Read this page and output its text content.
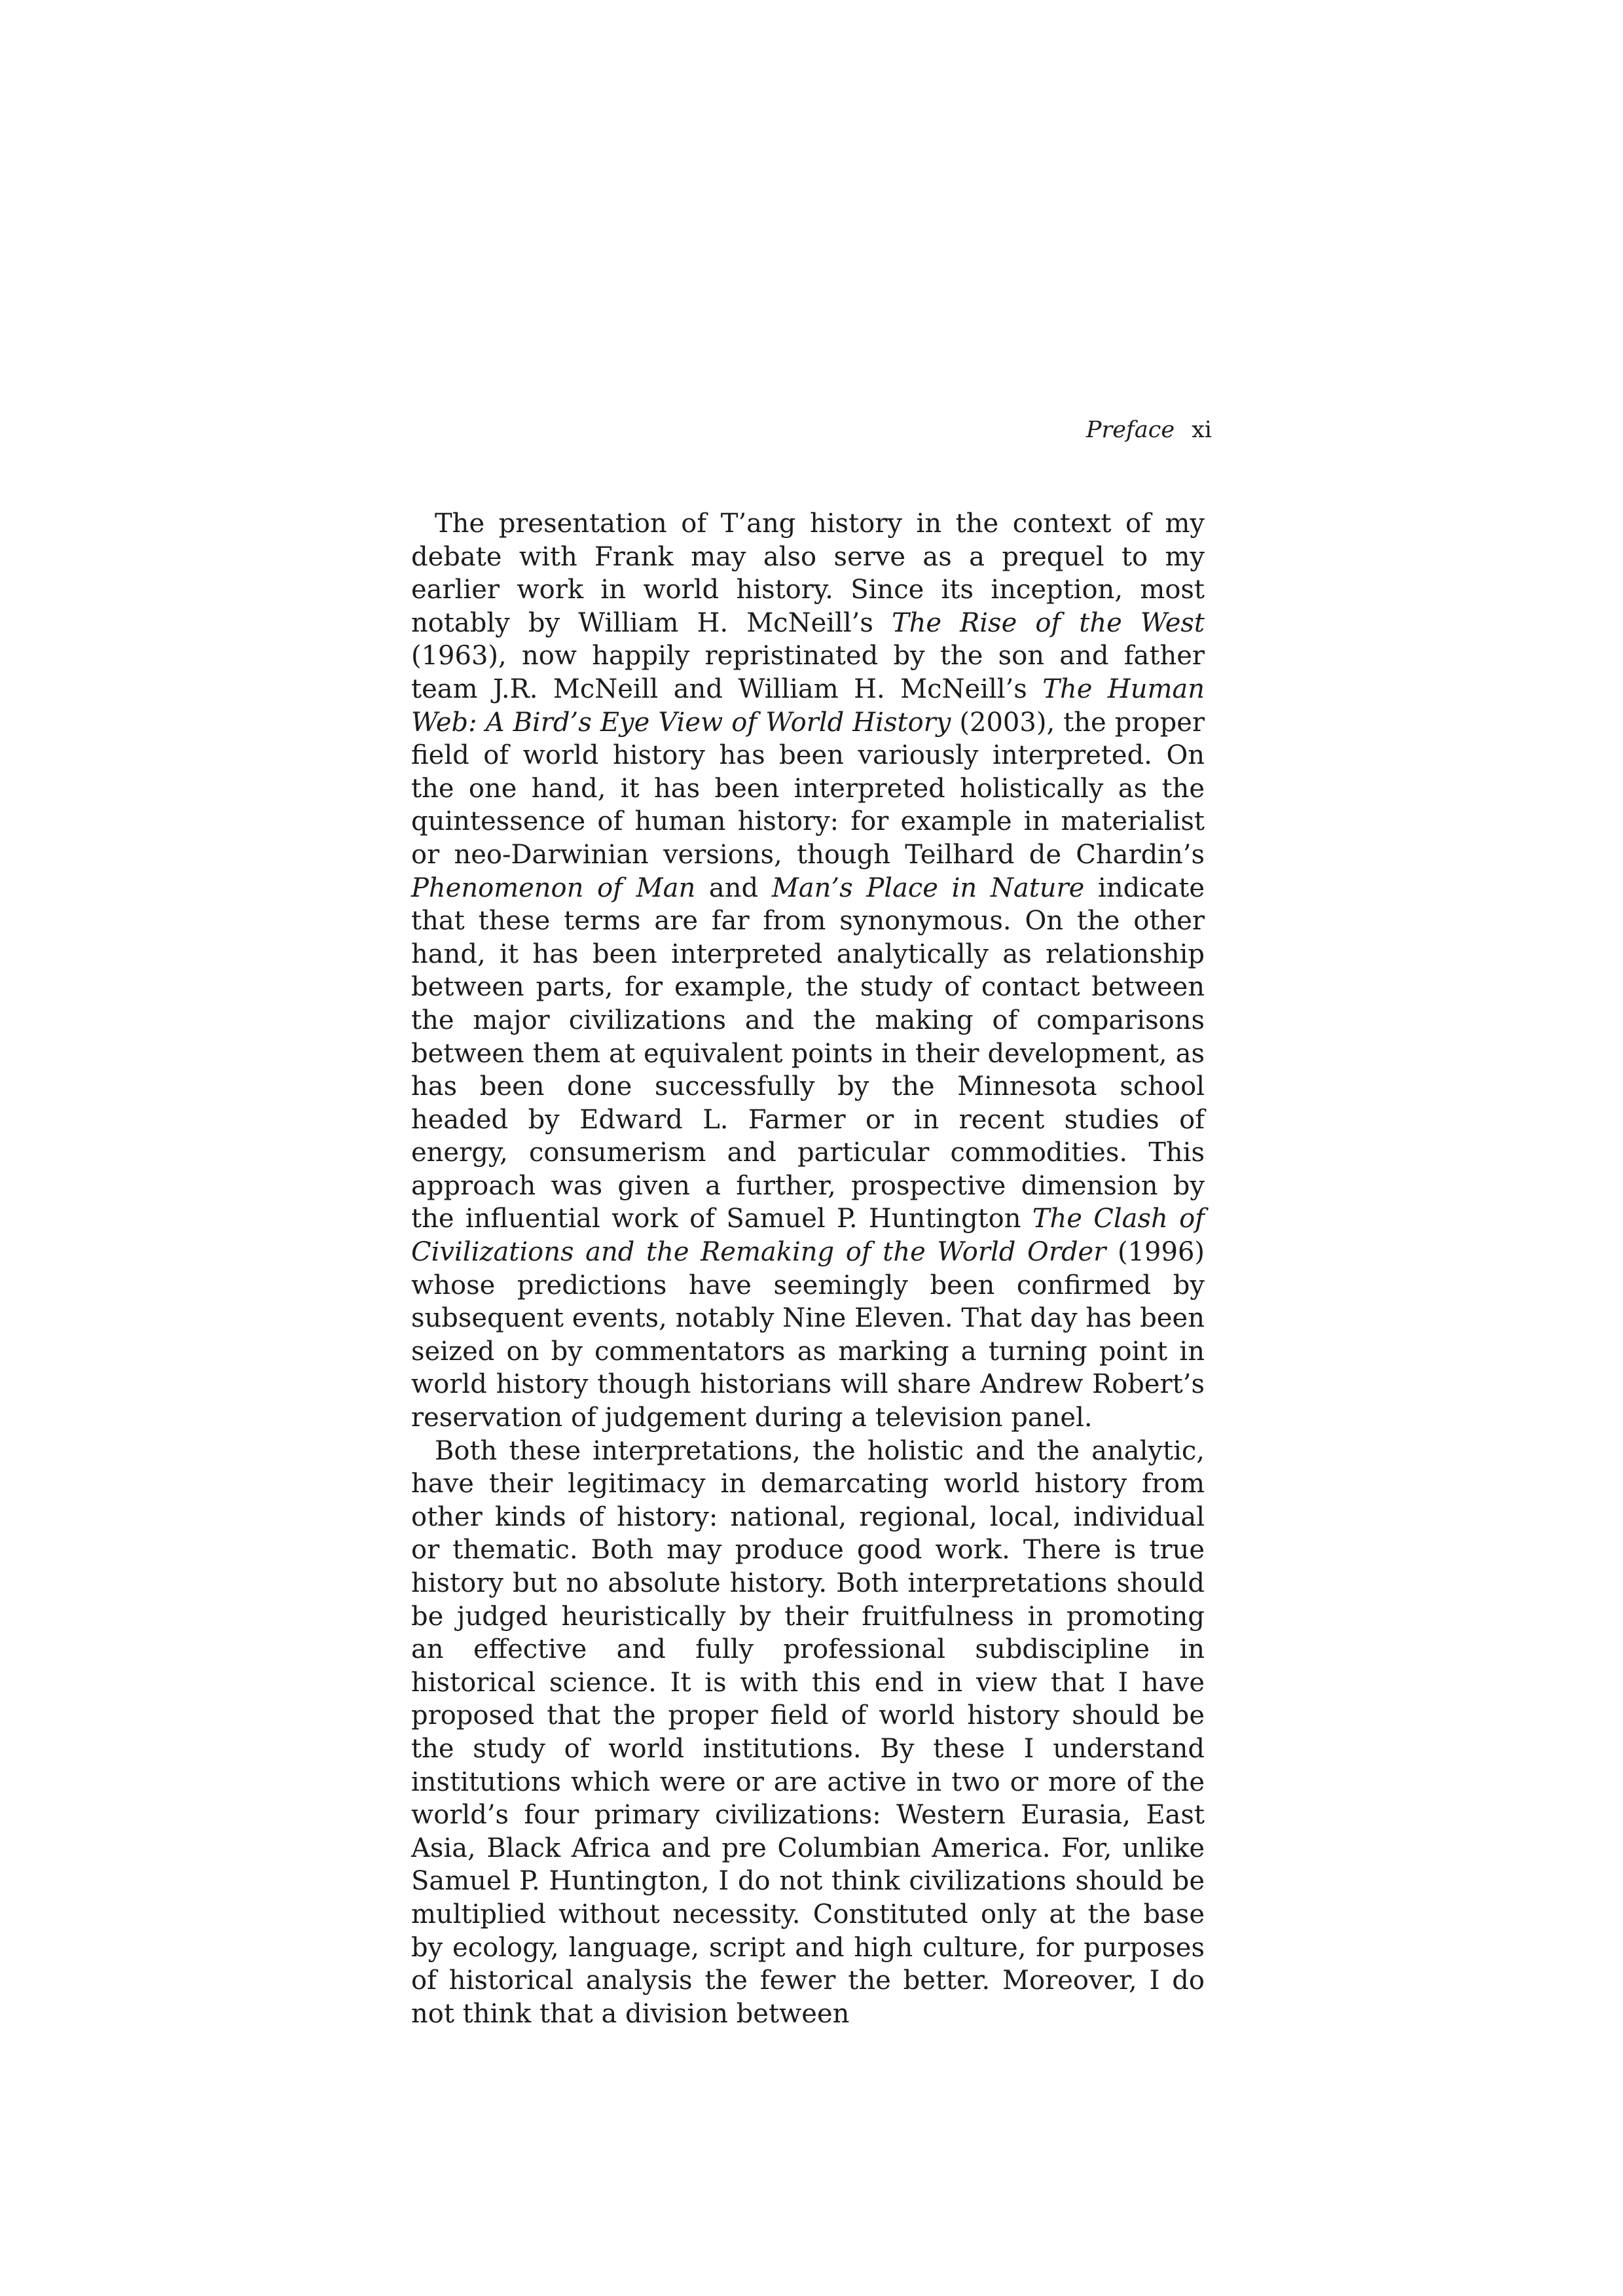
Preface xi

The presentation of T’ang history in the context of my debate with Frank may also serve as a prequel to my earlier work in world history. Since its inception, most notably by William H. McNeill’s The Rise of the West (1963), now happily repristinated by the son and father team J.R. McNeill and William H. McNeill’s The Human Web: A Bird’s Eye View of World History (2003), the proper field of world history has been variously interpreted. On the one hand, it has been interpreted holistically as the quintessence of human history: for example in materialist or neo-Darwinian versions, though Teilhard de Chardin’s Phenomenon of Man and Man’s Place in Nature indicate that these terms are far from synonymous. On the other hand, it has been interpreted analytically as relationship between parts, for example, the study of contact between the major civilizations and the making of comparisons between them at equivalent points in their development, as has been done successfully by the Minnesota school headed by Edward L. Farmer or in recent studies of energy, consumerism and particular commodities. This approach was given a further, prospective dimension by the influential work of Samuel P. Huntington The Clash of Civilizations and the Remaking of the World Order (1996) whose predictions have seemingly been confirmed by subsequent events, notably Nine Eleven. That day has been seized on by commentators as marking a turning point in world history though historians will share Andrew Robert’s reservation of judgement during a television panel.

Both these interpretations, the holistic and the analytic, have their legitimacy in demarcating world history from other kinds of history: national, regional, local, individual or thematic. Both may produce good work. There is true history but no absolute history. Both interpretations should be judged heuristically by their fruitfulness in promoting an effective and fully professional subdiscipline in historical science. It is with this end in view that I have proposed that the proper field of world history should be the study of world institutions. By these I understand institutions which were or are active in two or more of the world’s four primary civilizations: Western Eurasia, East Asia, Black Africa and pre Columbian America. For, unlike Samuel P. Huntington, I do not think civilizations should be multiplied without necessity. Constituted only at the base by ecology, language, script and high culture, for purposes of historical analysis the fewer the better. Moreover, I do not think that a division between
